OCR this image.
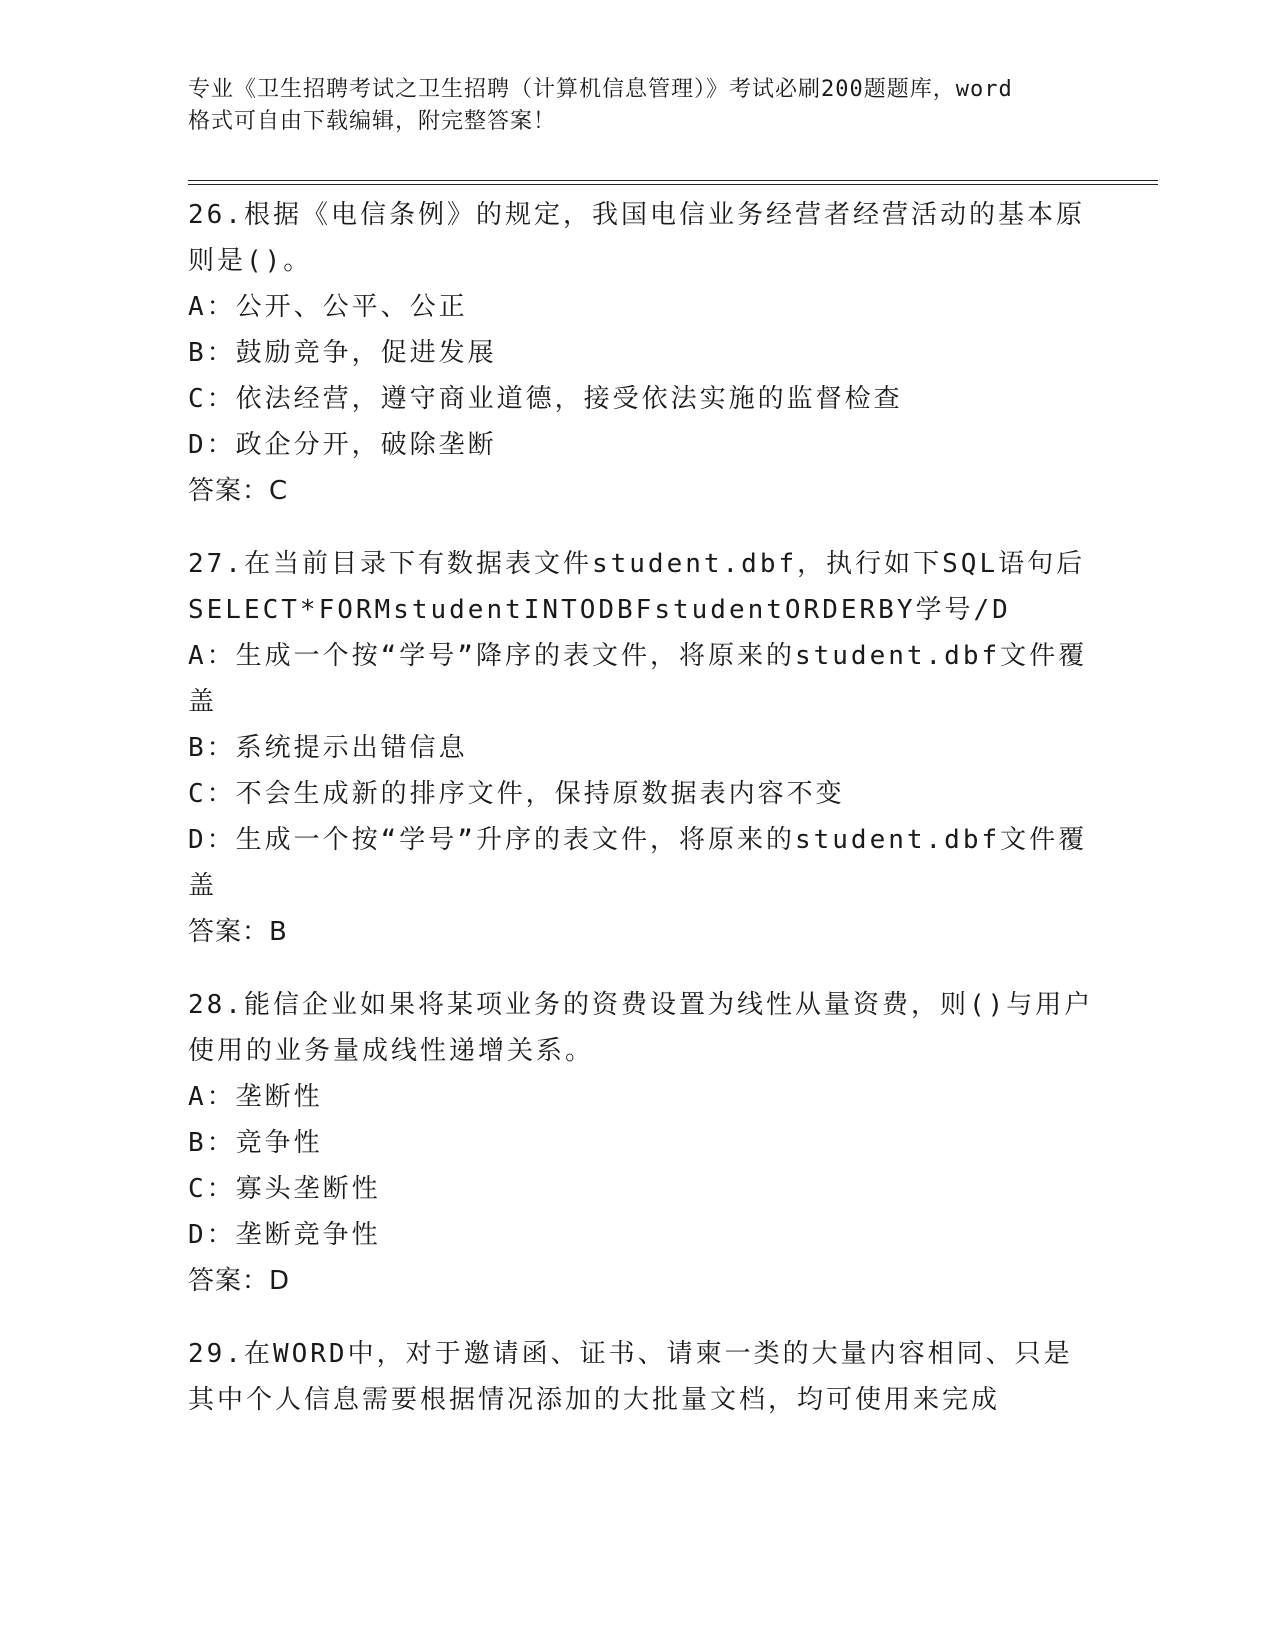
专业《卫生招聘考试之卫生招聘（计算机信息管理）》考试必刷200题题库，word
格式可自由下载编辑，附完整答案！
26.根据《电信条例》的规定，我国电信业务经营者经营活动的基本原
则是()。
A：公开、公平、公正
B：鼓励竞争，促进发展
C：依法经营，遵守商业道德，接受依法实施的监督检查
D：政企分开，破除垄断
答案：C
27.在当前目录下有数据表文件student.dbf，执行如下SQL语句后
SELECT*FORMstudentINTODBFstudentORDERBY学号/D
A：生成一个按“学号”降序的表文件，将原来的student.dbf文件覆
盖
B：系统提示出错信息
C：不会生成新的排序文件，保持原数据表内容不变
D：生成一个按“学号”升序的表文件，将原来的student.dbf文件覆
盖
答案：B
28.能信企业如果将某项业务的资费设置为线性从量资费，则()与用户
使用的业务量成线性递增关系。
A：垄断性
B：竞争性
C：寡头垄断性
D：垄断竞争性
答案：D
29.在WORD中，对于邀请函、证书、请柬一类的大量内容相同、只是
其中个人信息需要根据情况添加的大批量文档，均可使用来完成
